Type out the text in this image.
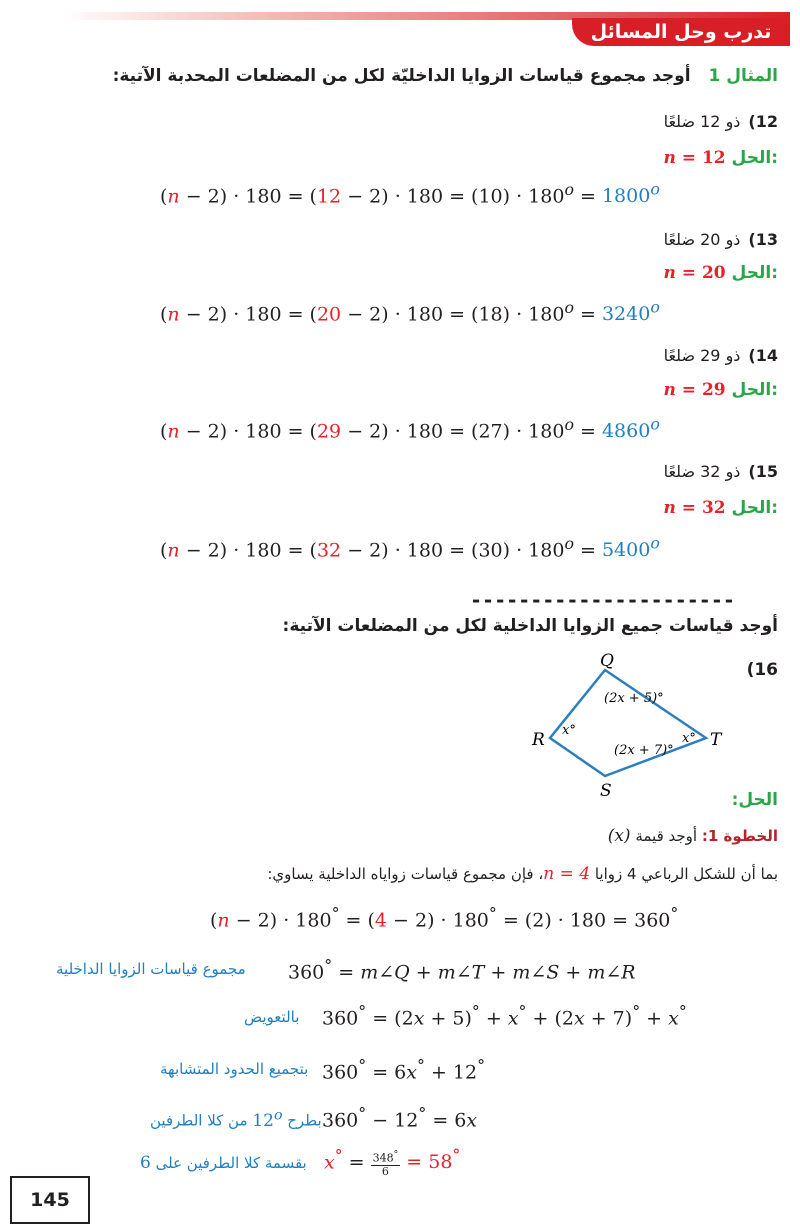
تدرب وحل المسائل
المثال 1أوجد مجموع قياسات الزوايا الداخليّة لكل من المضلعات المحدبة الآتية:
12)ذو 12 ضلعًا
n = 12 الحل:
$(n - 2) \cdot 180 = (12 - 2) \cdot 180 = (10) \cdot 180^o = 1800^o$
13)ذو 20 ضلعًا
n = 20 الحل:
$(n - 2) \cdot 180 = (20 - 2) \cdot 180 = (18) \cdot 180^o = 3240^o$
14)ذو 29 ضلعًا
n = 29 الحل:
$(n - 2) \cdot 180 = (29 - 2) \cdot 180 = (27) \cdot 180^o = 4860^o$
15)ذو 32 ضلعًا
n = 32 الحل:
$(n - 2) \cdot 180 = (32 - 2) \cdot 180 = (30) \cdot 180^o = 5400^o$
----------------------
أوجد قياسات جميع الزوايا الداخلية لكل من المضلعات الآتية:
(16
Q
R
S
T
(2x + 5)°
(2x + 7)°
x°
x°
الحل:
الخطوة 1: أوجد قيمة (x)
بما أن للشكل الرباعي 4 زوايا n = 4، فإن مجموع قياسات زواياه الداخلية يساوي:
(n − 2) · 180° = (4 − 2) · 180° = (2) · 180 = 360°
360° = m∠Q + m∠T + m∠S + m∠R
مجموع قياسات الزوايا الداخلية
360° = (2x + 5)° + x° + (2x + 7)° + x°
بالتعويض
360° = 6x° + 12°
بتجميع الحدود المتشابهة
360° − 12° = 6x
بطرح 12$^o$ من كلا الطرفين
$x^\circ = \frac{348^\circ}{6} = 58^\circ$
بقسمة كلا الطرفين على 6
145
